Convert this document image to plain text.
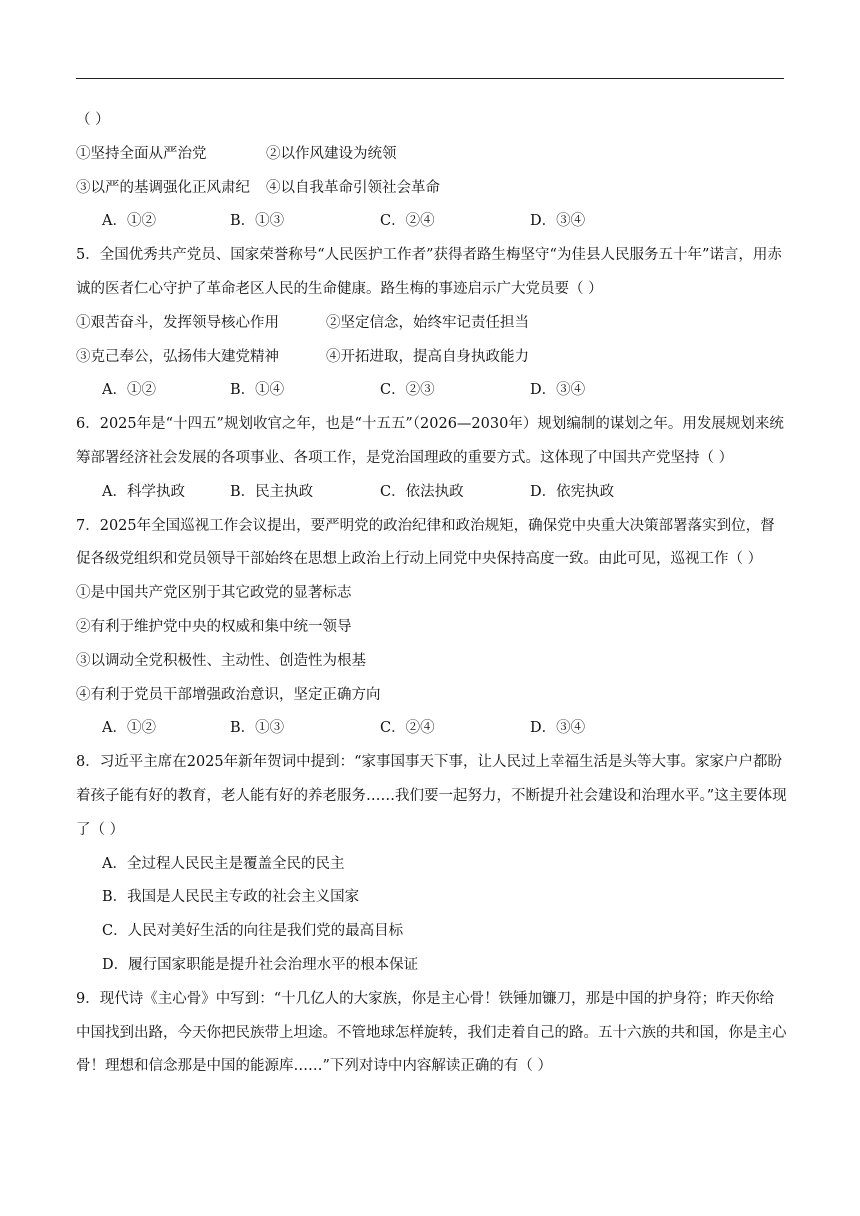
（ ）
①坚持全面从严治党	②以作风建设为统领
③以严的基调强化正风肃纪	④以自我革命引领社会革命
A．①②	B．①③	C．②④	D．③④

5．全国优秀共产党员、国家荣誉称号“人民医护工作者”获得者路生梅坚守“为佳县人民服务五十年”诺言，用赤诚的医者仁心守护了革命老区人民的生命健康。路生梅的事迹启示广大党员要（ ）

①艰苦奋斗，发挥领导核心作用	②坚定信念，始终牢记责任担当
③克己奉公，弘扬伟大建党精神	④开拓进取，提高自身执政能力
A．①②	B．①④	C．②③	D．③④

6．2025年是“十四五”规划收官之年，也是“十五五”（2026—2030年）规划编制的谋划之年。用发展规划来统筹部署经济社会发展的各项事业、各项工作，是党治国理政的重要方式。这体现了中国共产党坚持（ ）

A．科学执政	B．民主执政	C．依法执政	D．依宪执政

7．2025年全国巡视工作会议提出，要严明党的政治纪律和政治规矩，确保党中央重大决策部署落实到位，督促各级党组织和党员领导干部始终在思想上政治上行动上同党中央保持高度一致。由此可见，巡视工作（ ）

①是中国共产党区别于其它政党的显著标志
②有利于维护党中央的权威和集中统一领导
③以调动全党积极性、主动性、创造性为根基
④有利于党员干部增强政治意识，坚定正确方向
A．①②	B．①③	C．②④	D．③④

8．习近平主席在2025年新年贺词中提到：“家事国事天下事，让人民过上幸福生活是头等大事。家家户户都盼着孩子能有好的教育，老人能有好的养老服务……我们要一起努力，不断提升社会建设和治理水平。”这主要体现了（ ）

A．全过程人民民主是覆盖全民的民主
B．我国是人民民主专政的社会主义国家
C．人民对美好生活的向往是我们党的最高目标
D．履行国家职能是提升社会治理水平的根本保证

9．现代诗《主心骨》中写到：“十几亿人的大家族，你是主心骨！铁锤加镰刀，那是中国的护身符；昨天你给中国找到出路，今天你把民族带上坦途。不管地球怎样旋转，我们走着自己的路。五十六族的共和国，你是主心骨！理想和信念那是中国的能源库……”下列对诗中内容解读正确的有（ ）
